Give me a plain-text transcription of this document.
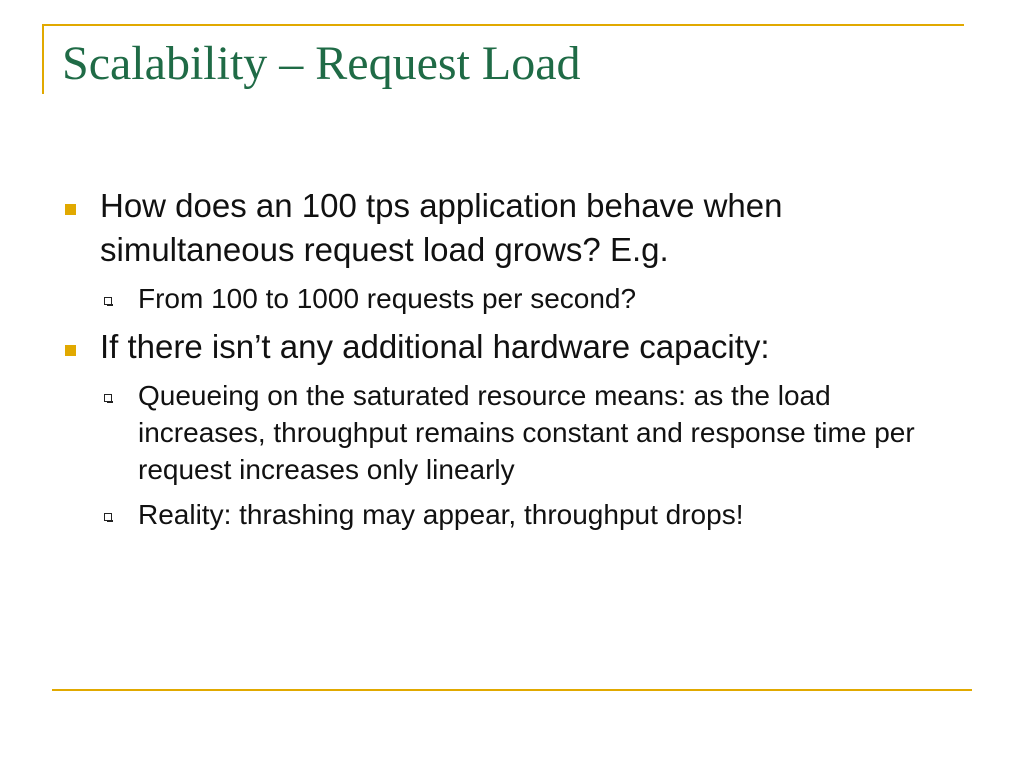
Scalability – Request Load
How does an 100 tps application behave when simultaneous request load grows? E.g.
From 100 to 1000 requests per second?
If there isn’t any additional hardware capacity:
Queueing on the saturated resource means: as the load increases, throughput remains constant and response time per request increases only linearly
Reality: thrashing may appear, throughput drops!
